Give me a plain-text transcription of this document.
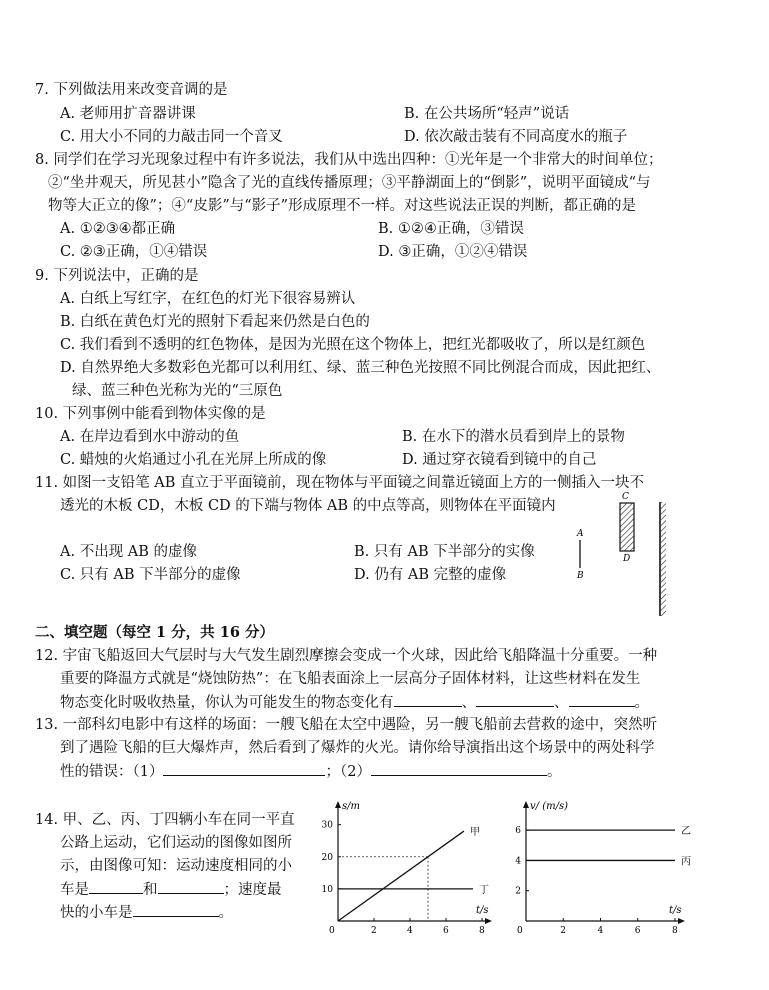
7. 下列做法用来改变音调的是
A. 老师用扩音器讲课	B. 在公共场所“轻声”说话
C. 用大小不同的力敲击同一个音叉	D. 依次敲击装有不同高度水的瓶子
8. 同学们在学习光现象过程中有许多说法，我们从中选出四种：①光年是一个非常大的时间单位；
②“坐井观天，所见甚小”隐含了光的直线传播原理；③平静湖面上的“倒影”，说明平面镜成“与
物等大正立的像”；④“皮影”与“影子”形成原理不一样。对这些说法正误的判断，都正确的是
A. ①②③④都正确	B. ①②④正确，③错误
C. ②③正确，①④错误	D. ③正确，①②④错误
9. 下列说法中，正确的是
A. 白纸上写红字，在红色的灯光下很容易辨认
B. 白纸在黄色灯光的照射下看起来仍然是白色的
C. 我们看到不透明的红色物体，是因为光照在这个物体上，把红光都吸收了，所以是红颜色
D. 自然界绝大多数彩色光都可以利用红、绿、蓝三种色光按照不同比例混合而成，因此把红、
绿、蓝三种色光称为光的“三原色
10. 下列事例中能看到物体实像的是
A. 在岸边看到水中游动的鱼	B. 在水下的潜水员看到岸上的景物
C. 蜡烛的火焰通过小孔在光屏上所成的像	D. 通过穿衣镜看到镜中的自己
11. 如图一支铅笔 AB 直立于平面镜前，现在物体与平面镜之间靠近镜面上方的一侧插入一块不
透光的木板 CD，木板 CD 的下端与物体 AB 的中点等高，则物体在平面镜内
A. 不出现 AB 的虚像	B. 只有 AB 下半部分的实像
C. 只有 AB 下半部分的虚像	D. 仍有 AB 完整的虚像
A
B
C
D
二、填空题（每空 1 分，共 16 分）
12. 宇宙飞船返回大气层时与大气发生剧烈摩擦会变成一个火球，因此给飞船降温十分重要。一种
重要的降温方式就是“烧蚀防热”：在飞船表面涂上一层高分子固体材料，让这些材料在发生
物态变化时吸收热量，你认为可能发生的物态变化有	、	、	。
13. 一部科幻电影中有这样的场面：一艘飞船在太空中遇险，另一艘飞船前去营救的途中，突然听
到了遇险飞船的巨大爆炸声，然后看到了爆炸的火光。请你给导演指出这个场景中的两处科学
性的错误：（1）	；（2）	。
14. 甲、乙、丙、丁四辆小车在同一平直
公路上运动，它们运动的图像如图所
示，由图像可知：运动速度相同的小
车是	和	；速度最
快的小车是	。
0
s/m
t/s
2	4	6	8
10
20
30
甲
丁
0
v/ (m/s)
t/s
2	4	6	8
2
4
6	乙
丙
